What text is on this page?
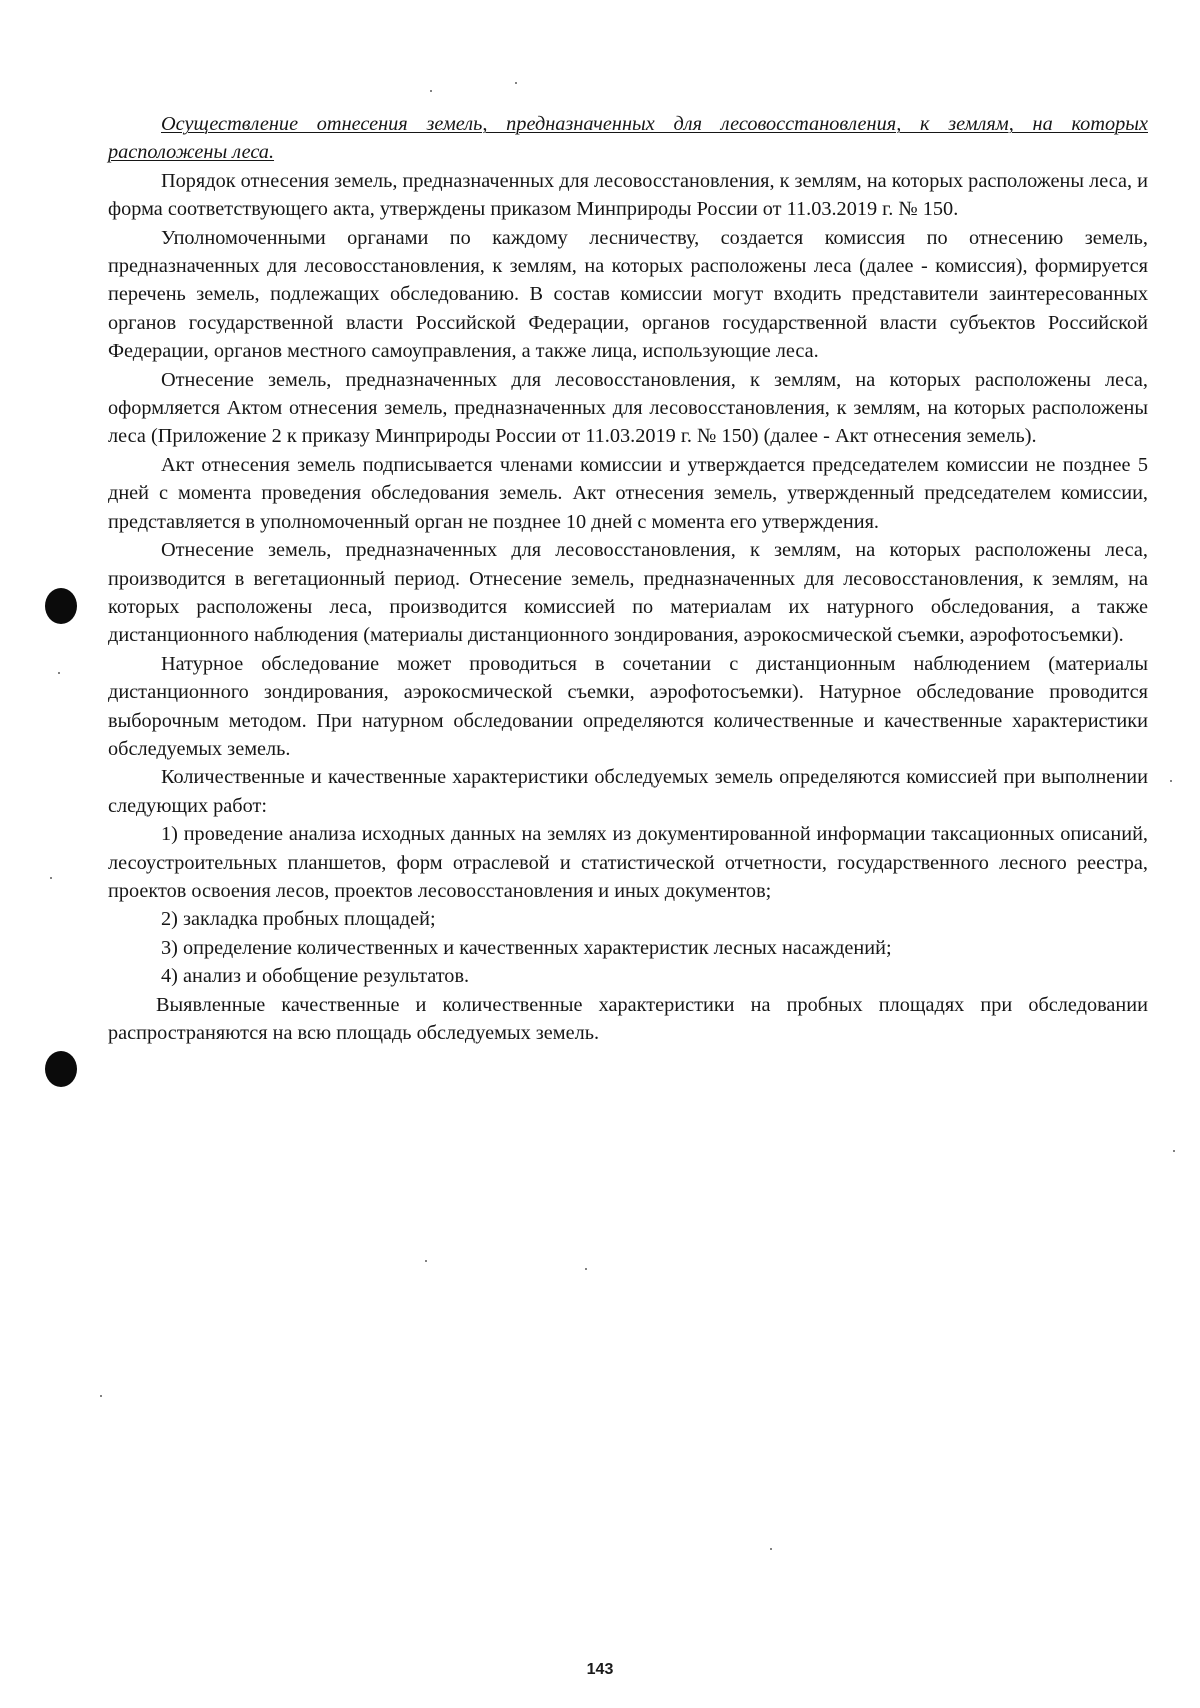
Осуществление отнесения земель, предназначенных для лесовосстановления, к землям, на которых расположены леса.

Порядок отнесения земель, предназначенных для лесовосстановления, к землям, на которых расположены леса, и форма соответствующего акта, утверждены приказом Минприроды России от 11.03.2019 г. № 150.

Уполномоченными органами по каждому лесничеству, создается комиссия по отнесению земель, предназначенных для лесовосстановления, к землям, на которых расположены леса (далее - комиссия), формируется перечень земель, подлежащих обследованию. В состав комиссии могут входить представители заинтересованных органов государственной власти Российской Федерации, органов государственной власти субъектов Российской Федерации, органов местного самоуправления, а также лица, использующие леса.

Отнесение земель, предназначенных для лесовосстановления, к землям, на которых расположены леса, оформляется Актом отнесения земель, предназначенных для лесовосстановления, к землям, на которых расположены леса (Приложение 2 к приказу Минприроды России от 11.03.2019 г. № 150) (далее - Акт отнесения земель).

Акт отнесения земель подписывается членами комиссии и утверждается председателем комиссии не позднее 5 дней с момента проведения обследования земель. Акт отнесения земель, утвержденный председателем комиссии, представляется в уполномоченный орган не позднее 10 дней с момента его утверждения.

Отнесение земель, предназначенных для лесовосстановления, к землям, на которых расположены леса, производится в вегетационный период. Отнесение земель, предназначенных для лесовосстановления, к землям, на которых расположены леса, производится комиссией по материалам их натурного обследования, а также дистанционного наблюдения (материалы дистанционного зондирования, аэрокосмической съемки, аэрофотосъемки).

Натурное обследование может проводиться в сочетании с дистанционным наблюдением (материалы дистанционного зондирования, аэрокосмической съемки, аэрофотосъемки). Натурное обследование проводится выборочным методом. При натурном обследовании определяются количественные и качественные характеристики обследуемых земель.

Количественные и качественные характеристики обследуемых земель определяются комиссией при выполнении следующих работ:

1) проведение анализа исходных данных на землях из документированной информации таксационных описаний, лесоустроительных планшетов, форм отраслевой и статистической отчетности, государственного лесного реестра, проектов освоения лесов, проектов лесовосстановления и иных документов;

2) закладка пробных площадей;

3) определение количественных и качественных характеристик лесных насаждений;

4) анализ и обобщение результатов.

Выявленные качественные и количественные характеристики на пробных площадях при обследовании распространяются на всю площадь обследуемых земель.

143
